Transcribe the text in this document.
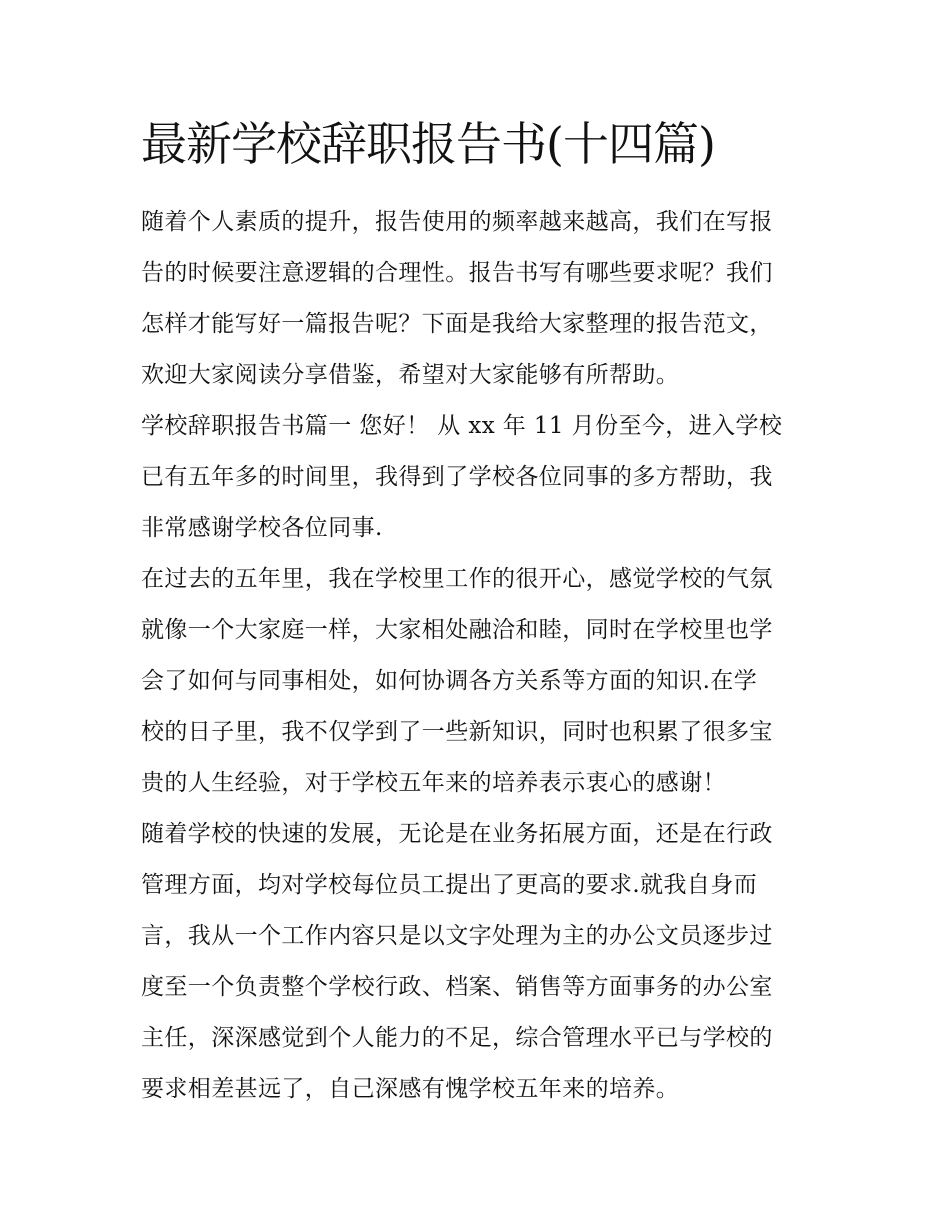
最新学校辞职报告书(十四篇)

随着个人素质的提升，报告使用的频率越来越高，我们在写报

告的时候要注意逻辑的合理性。报告书写有哪些要求呢？我们

怎样才能写好一篇报告呢？下面是我给大家整理的报告范文，

欢迎大家阅读分享借鉴，希望对大家能够有所帮助。

学校辞职报告书篇一 您好！ 从 xx 年 11 月份至今，进入学校

已有五年多的时间里，我得到了学校各位同事的多方帮助，我

非常感谢学校各位同事.

在过去的五年里，我在学校里工作的很开心，感觉学校的气氛

就像一个大家庭一样，大家相处融洽和睦，同时在学校里也学

会了如何与同事相处，如何协调各方关系等方面的知识.在学

校的日子里，我不仅学到了一些新知识，同时也积累了很多宝

贵的人生经验，对于学校五年来的培养表示衷心的感谢！

随着学校的快速的发展，无论是在业务拓展方面，还是在行政

管理方面，均对学校每位员工提出了更高的要求.就我自身而

言，我从一个工作内容只是以文字处理为主的办公文员逐步过

度至一个负责整个学校行政、档案、销售等方面事务的办公室

主任，深深感觉到个人能力的不足，综合管理水平已与学校的

要求相差甚远了，自己深感有愧学校五年来的培养。
